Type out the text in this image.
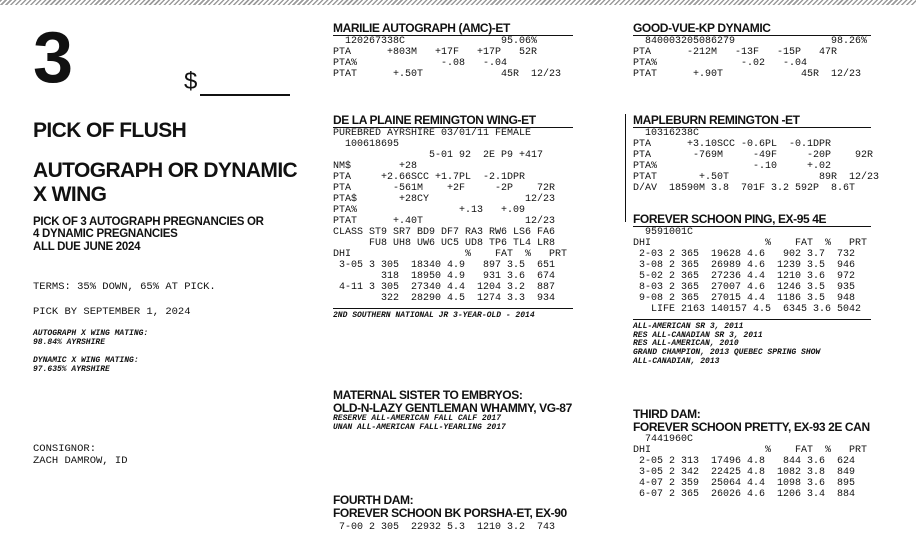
3	$
PICK OF FLUSH
AUTOGRAPH OR DYNAMIC
X WING
PICK OF 3 AUTOGRAPH PREGNANCIES OR
4 DYNAMIC PREGNANCIES
ALL DUE JUNE 2024
TERMS: 35% DOWN, 65% AT PICK.
PICK BY SEPTEMBER 1, 2024
AUTOGRAPH X WING MATING:
98.84% AYRSHIRE
DYNAMIC X WING MATING:
97.635% AYRSHIRE
CONSIGNOR:
ZACH DAMROW, ID
MARILIE AUTOGRAPH (AMC)-ET
120267338C                95.06%
PTA      +803M   +17F   +17P   52R
PTA%              -.08   -.04
PTAT      +.50T             45R  12/23
DE LA PLAINE REMINGTON WING-ET
PUREBRED AYRSHIRE 03/01/11 FEMALE
100618695
5-01 92  2E P9 +417
NM$        +28
PTA     +2.66SCC +1.7PL  -2.1DPR
PTA       -561M    +2F     -2P    72R
PTA$       +28CY                12/23
PTA%                 +.13   +.09
PTAT      +.40T                 12/23
CLASS ST9 SR7 BD9 DF7 RA3 RW6 LS6 FA6
FU8 UH8 UW6 UC5 UD8 TP6 TL4 LR8
DHI                   %    FAT  %   PRT
3-05 3 305  18340 4.9   897 3.5  651
318  18950 4.9   931 3.6  674
4-11 3 305  27340 4.4  1204 3.2  887
322  28290 4.5  1274 3.3  934
2ND SOUTHERN NATIONAL JR 3-YEAR-OLD - 2014
MATERNAL SISTER TO EMBRYOS:
OLD-N-LAZY GENTLEMAN WHAMMY, VG-87
RESERVE ALL-AMERICAN FALL CALF 2017
UNAN ALL-AMERICAN FALL-YEARLING 2017
FOURTH DAM:
FOREVER SCHOON BK PORSHA-ET, EX-90
7-00 2 305  22932 5.3  1210 3.2  743
GOOD-VUE-KP DYNAMIC
840003205086279                98.26%
PTA      -212M   -13F   -15P   47R
PTA%              -.02   -.04
PTAT      +.90T             45R  12/23
MAPLEBURN REMINGTON -ET
10316238C
PTA      +3.10SCC -0.6PL  -0.1DPR
PTA       -769M     -49F     -20P    92R
PTA%                -.10     +.02
PTAT       +.50T               89R  12/23
D/AV  18590M 3.8  701F 3.2 592P  8.6T
FOREVER SCHOON PING, EX-95 4E
9591001C
DHI                   %    FAT  %   PRT
2-03 2 365  19628 4.6   902 3.7  732
3-08 2 365  26989 4.6  1239 3.5  946
5-02 2 365  27236 4.4  1210 3.6  972
8-03 2 365  27007 4.6  1246 3.5  935
9-08 2 365  27015 4.4  1186 3.5  948
LIFE 2163 140157 4.5  6345 3.6 5042
ALL-AMERICAN SR 3, 2011
RES ALL-CANADIAN SR 3, 2011
RES ALL-AMERICAN, 2010
GRAND CHAMPION, 2013 QUEBEC SPRING SHOW
ALL-CANADIAN, 2013
THIRD DAM:
FOREVER SCHOON PRETTY, EX-93 2E CAN
7441960C
DHI                   %    FAT  %   PRT
2-05 2 313  17496 4.8   844 3.6  624
3-05 2 342  22425 4.8  1082 3.8  849
4-07 2 359  25064 4.4  1098 3.6  895
6-07 2 365  26026 4.6  1206 3.4  884
